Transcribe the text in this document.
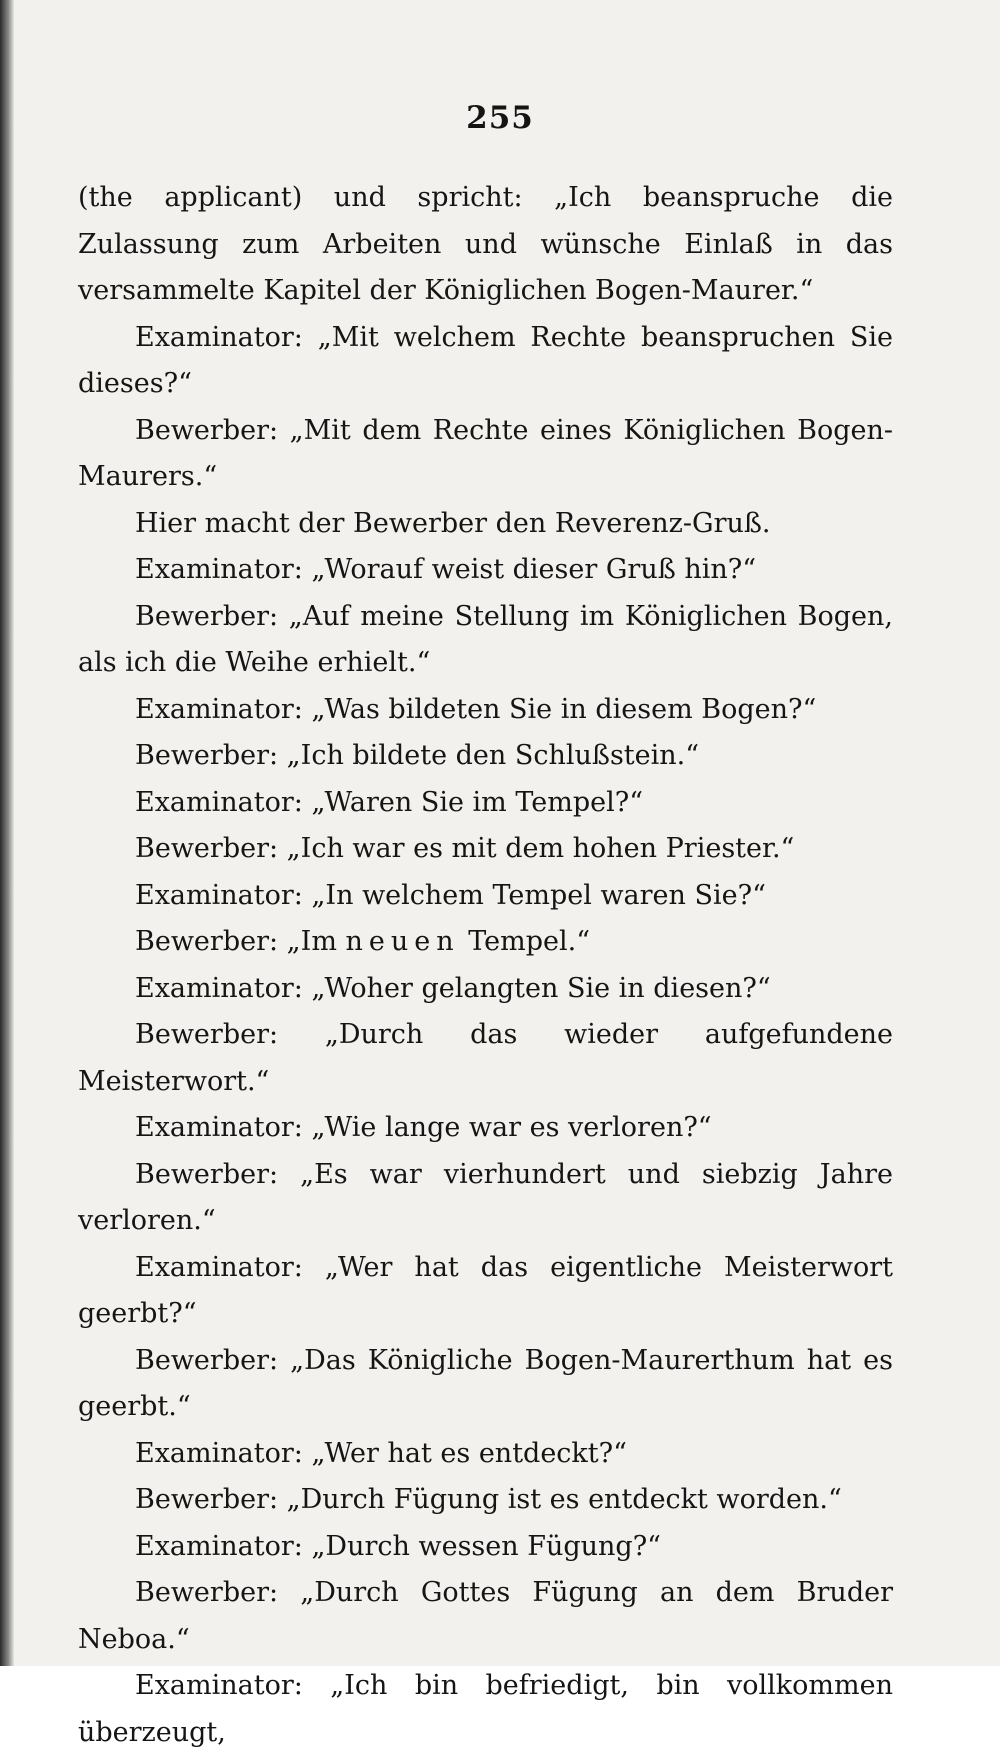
255

(the applicant) und spricht: „Ich beanspruche die Zulassung zum Arbeiten und wünsche Einlaß in das versammelte Kapitel der Königlichen Bogen-Maurer.“

Examinator: „Mit welchem Rechte beanspruchen Sie dieses?“

Bewerber: „Mit dem Rechte eines Königlichen Bogen-Maurers.“

Hier macht der Bewerber den Reverenz-Gruß.

Examinator: „Worauf weist dieser Gruß hin?“

Bewerber: „Auf meine Stellung im Königlichen Bogen, als ich die Weihe erhielt.“

Examinator: „Was bildeten Sie in diesem Bogen?“

Bewerber: „Ich bildete den Schlußstein.“

Examinator: „Waren Sie im Tempel?“

Bewerber: „Ich war es mit dem hohen Priester.“

Examinator: „In welchem Tempel waren Sie?“

Bewerber: „Im neuen Tempel.“

Examinator: „Woher gelangten Sie in diesen?“

Bewerber: „Durch das wieder aufgefundene Meisterwort.“

Examinator: „Wie lange war es verloren?“

Bewerber: „Es war vierhundert und siebzig Jahre verloren.“

Examinator: „Wer hat das eigentliche Meisterwort geerbt?“

Bewerber: „Das Königliche Bogen-Maurerthum hat es geerbt.“

Examinator: „Wer hat es entdeckt?“

Bewerber: „Durch Fügung ist es entdeckt worden.“

Examinator: „Durch wessen Fügung?“

Bewerber: „Durch Gottes Fügung an dem Bruder Neboa.“

Examinator: „Ich bin befriedigt, bin vollkommen überzeugt,
